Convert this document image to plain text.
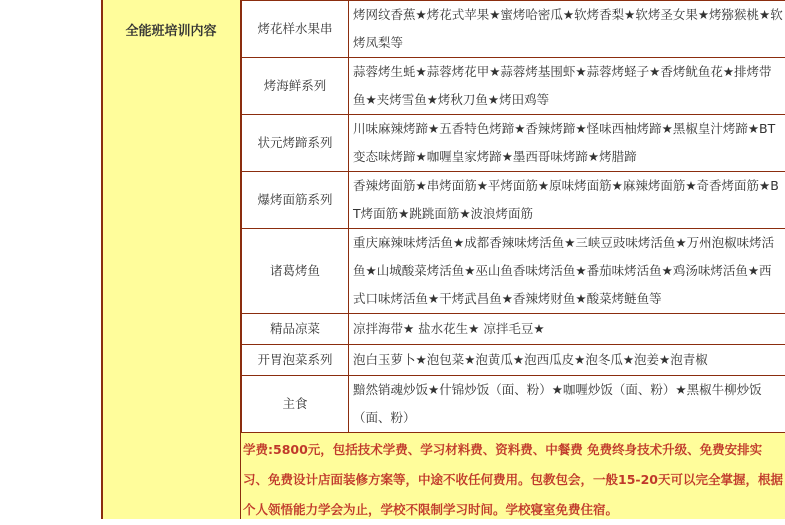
全能班培训内容	烤花样水果串	烤网纹香蕉★烤花式苹果★蜜烤哈密瓜★软烤香梨★软烤圣女果★烤猕猴桃★软烤凤梨等
烤海鲜系列	蒜蓉烤生蚝★蒜蓉烤花甲★蒜蓉烤基围虾★蒜蓉烤蛏子★香烤鱿鱼花★排烤带鱼★夹烤雪鱼★烤秋刀鱼★烤田鸡等
状元烤蹄系列	川味麻辣烤蹄★五香特色烤蹄★香辣烤蹄★怪味西柚烤蹄★黑椒皇汁烤蹄★BT变态味烤蹄★咖喱皇家烤蹄★墨西哥味烤蹄★烤腊蹄
爆烤面筋系列	香辣烤面筋★串烤面筋★平烤面筋★原味烤面筋★麻辣烤面筋★奇香烤面筋★BT烤面筋★跳跳面筋★波浪烤面筋
诸葛烤鱼	重庆麻辣味烤活鱼★成都香辣味烤活鱼★三峡豆豉味烤活鱼★万州泡椒味烤活鱼★山城酸菜烤活鱼★巫山鱼香味烤活鱼★番茄味烤活鱼★鸡汤味烤活鱼★西式口味烤活鱼★干烤武昌鱼★香辣烤财鱼★酸菜烤鲢鱼等
精品凉菜	凉拌海带★ 盐水花生★ 凉拌毛豆★
开胃泡菜系列	泡白玉萝卜★泡包菜★泡黄瓜★泡西瓜皮★泡冬瓜★泡姜★泡青椒
主食	黯然销魂炒饭★什锦炒饭（面、粉）★咖喱炒饭（面、粉）★黑椒牛柳炒饭（面、粉）
学费:5800元，包括技术学费、学习材料费、资料费、中餐费 免费终身技术升级、免费安排实习、免费设计店面装修方案等，中途不收任何费用。包教包会，一般15-20天可以完全掌握，根据个人领悟能力学会为止，学校不限制学习时间。学校寝室免费住宿。
